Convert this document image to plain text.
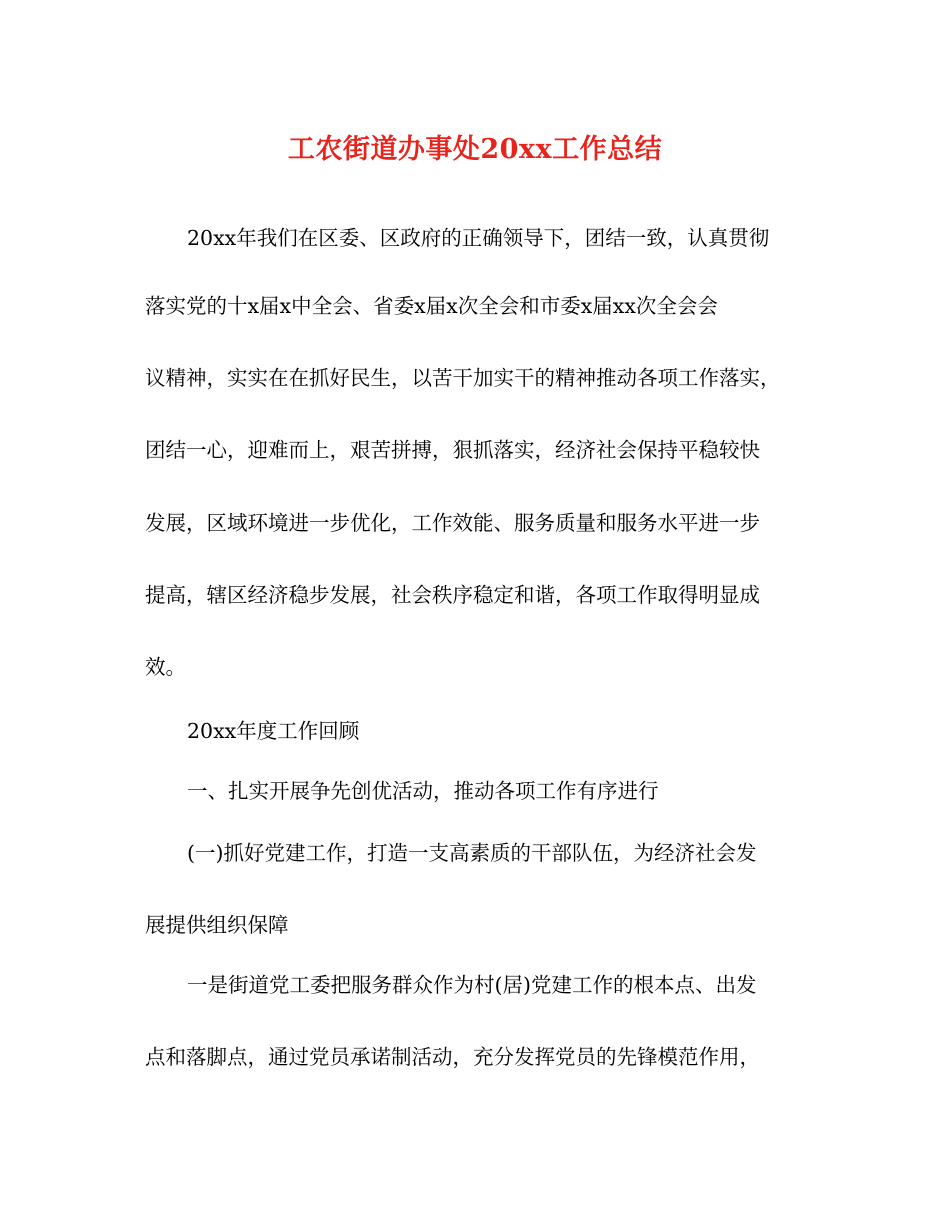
工农街道办事处20xx工作总结
20xx年我们在区委、区政府的正确领导下，团结一致，认真贯彻
落实党的十x届x中全会、省委x届x次全会和市委x届xx次全会会
议精神，实实在在抓好民生，以苦干加实干的精神推动各项工作落实，
团结一心，迎难而上，艰苦拼搏，狠抓落实，经济社会保持平稳较快
发展，区域环境进一步优化，工作效能、服务质量和服务水平进一步
提高，辖区经济稳步发展，社会秩序稳定和谐，各项工作取得明显成
效。
20xx年度工作回顾
一、扎实开展争先创优活动，推动各项工作有序进行
(一)抓好党建工作，打造一支高素质的干部队伍，为经济社会发
展提供组织保障
一是街道党工委把服务群众作为村(居)党建工作的根本点、出发
点和落脚点，通过党员承诺制活动，充分发挥党员的先锋模范作用，
